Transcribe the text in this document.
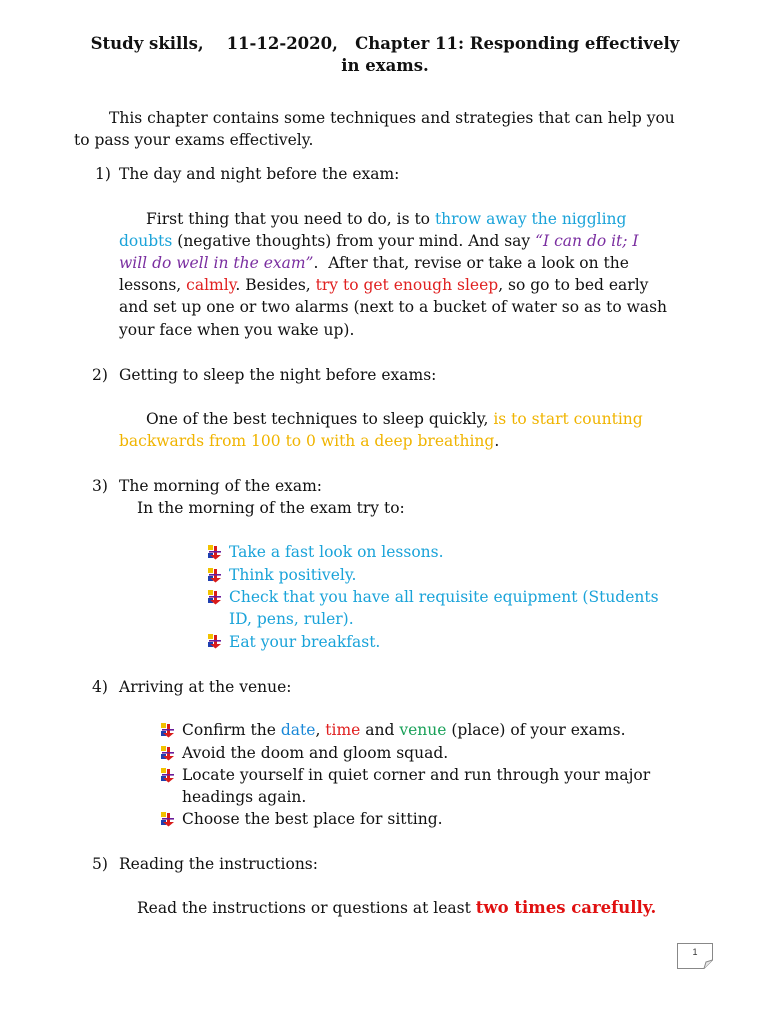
Study skills,    11-12-2020,   Chapter 11: Responding effectively
in exams.
This chapter contains some techniques and strategies that can help you
to pass your exams effectively.
1) The day and night before the exam:
First thing that you need to do, is to throw away the niggling
doubts (negative thoughts) from your mind. And say “I can do it; I
will do well in the exam”.  After that, revise or take a look on the
lessons, calmly. Besides, try to get enough sleep, so go to bed early
and set up one or two alarms (next to a bucket of water so as to wash
your face when you wake up).
2) Getting to sleep the night before exams:
One of the best techniques to sleep quickly, is to start counting
backwards from 100 to 0 with a deep breathing.
3) The morning of the exam:
In the morning of the exam try to:
Take a fast look on lessons.
Think positively.
Check that you have all requisite equipment (Students
ID, pens, ruler).
Eat your breakfast.
4) Arriving at the venue:
Confirm the date, time and venue (place) of your exams.
Avoid the doom and gloom squad.
Locate yourself in quiet corner and run through your major
headings again.
Choose the best place for sitting.
5) Reading the instructions:
Read the instructions or questions at least two times carefully.
1
